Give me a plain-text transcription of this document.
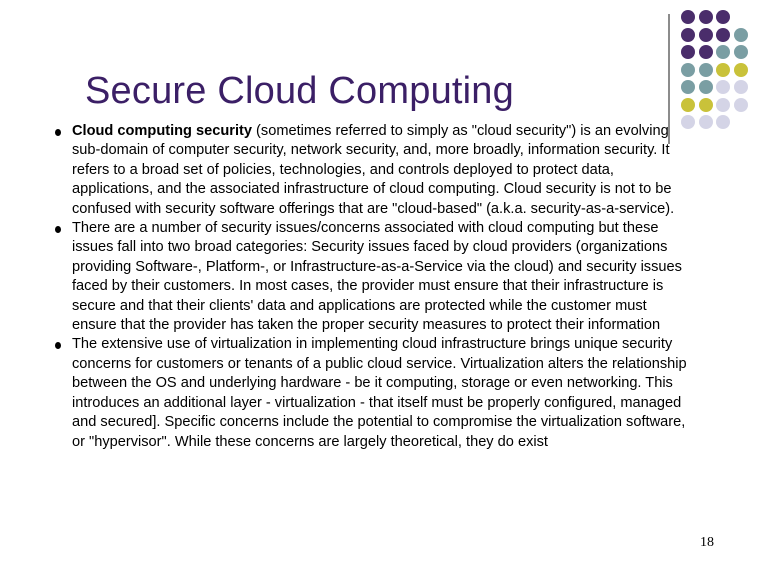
Secure Cloud Computing
Cloud computing security (sometimes referred to simply as "cloud security") is an evolving sub-domain of computer security, network security, and, more broadly, information security. It refers to a broad set of policies, technologies, and controls deployed to protect data, applications, and the associated infrastructure of cloud computing. Cloud security is not to be confused with security software offerings that are "cloud-based" (a.k.a. security-as-a-service).
There are a number of security issues/concerns associated with cloud computing but these issues fall into two broad categories: Security issues faced by cloud providers (organizations providing Software-, Platform-, or Infrastructure-as-a-Service via the cloud) and security issues faced by their customers. In most cases, the provider must ensure that their infrastructure is secure and that their clients' data and applications are protected while the customer must ensure that the provider has taken the proper security measures to protect their information
The extensive use of virtualization in implementing cloud infrastructure brings unique security concerns for customers or tenants of a public cloud service. Virtualization alters the relationship between the OS and underlying hardware - be it computing, storage or even networking. This introduces an additional layer - virtualization - that itself must be properly configured, managed and secured]. Specific concerns include the potential to compromise the virtualization software, or "hypervisor". While these concerns are largely theoretical, they do exist
18
